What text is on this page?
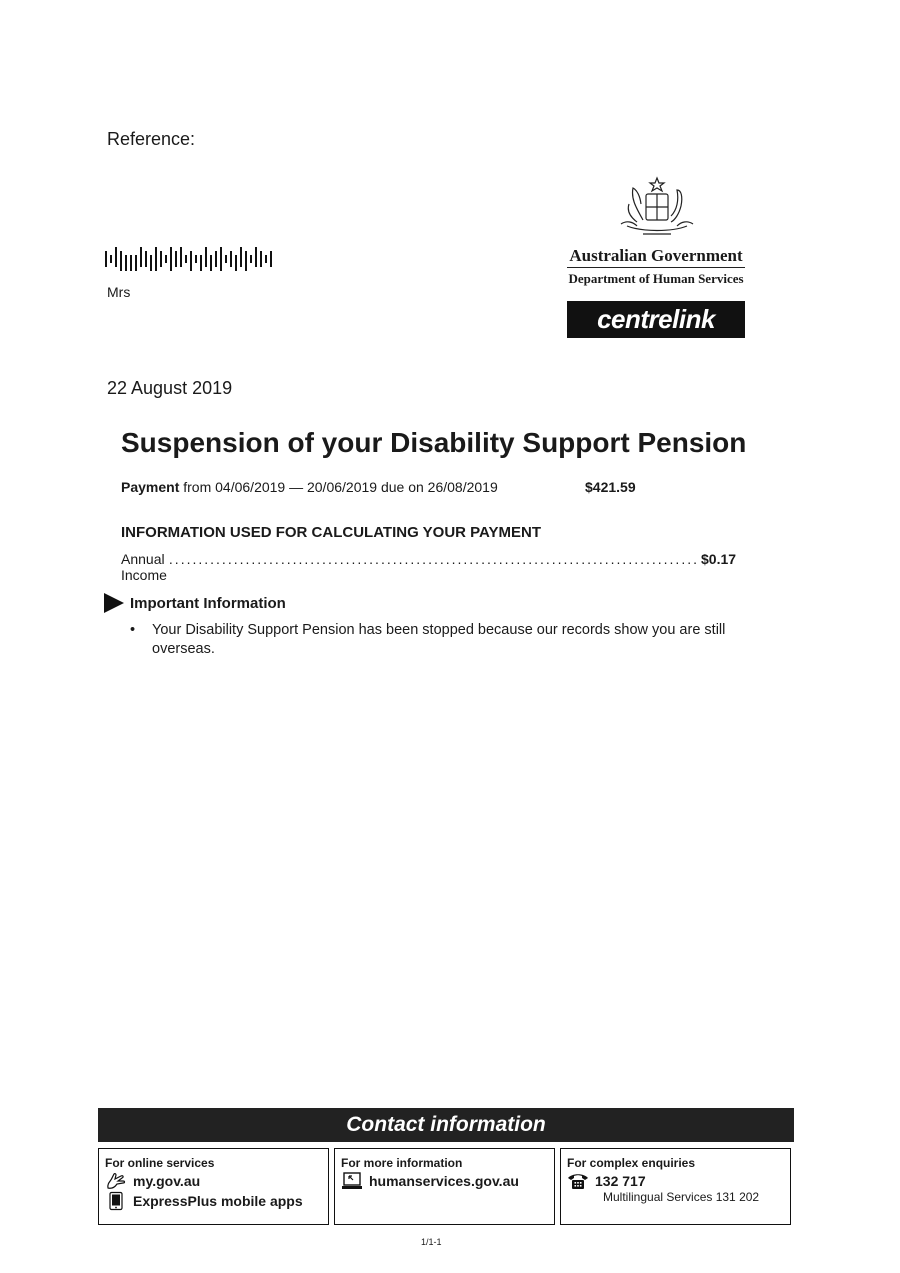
Reference:
Mrs
Australian Government
Department of Human Services
centrelink
22 August 2019
Suspension of your Disability Support Pension
Payment from 04/06/2019 — 20/06/2019 due on 26/08/2019	$421.59
INFORMATION USED FOR CALCULATING YOUR PAYMENT
Annual Income
.......................................................................................... $0.17
Important Information
•	Your Disability Support Pension has been stopped because our records show you are still overseas.
Contact information
For online services
my.gov.au
ExpressPlus mobile apps
For more information
humanservices.gov.au
For complex enquiries
132 717
Multilingual Services 131 202
1/1-1
